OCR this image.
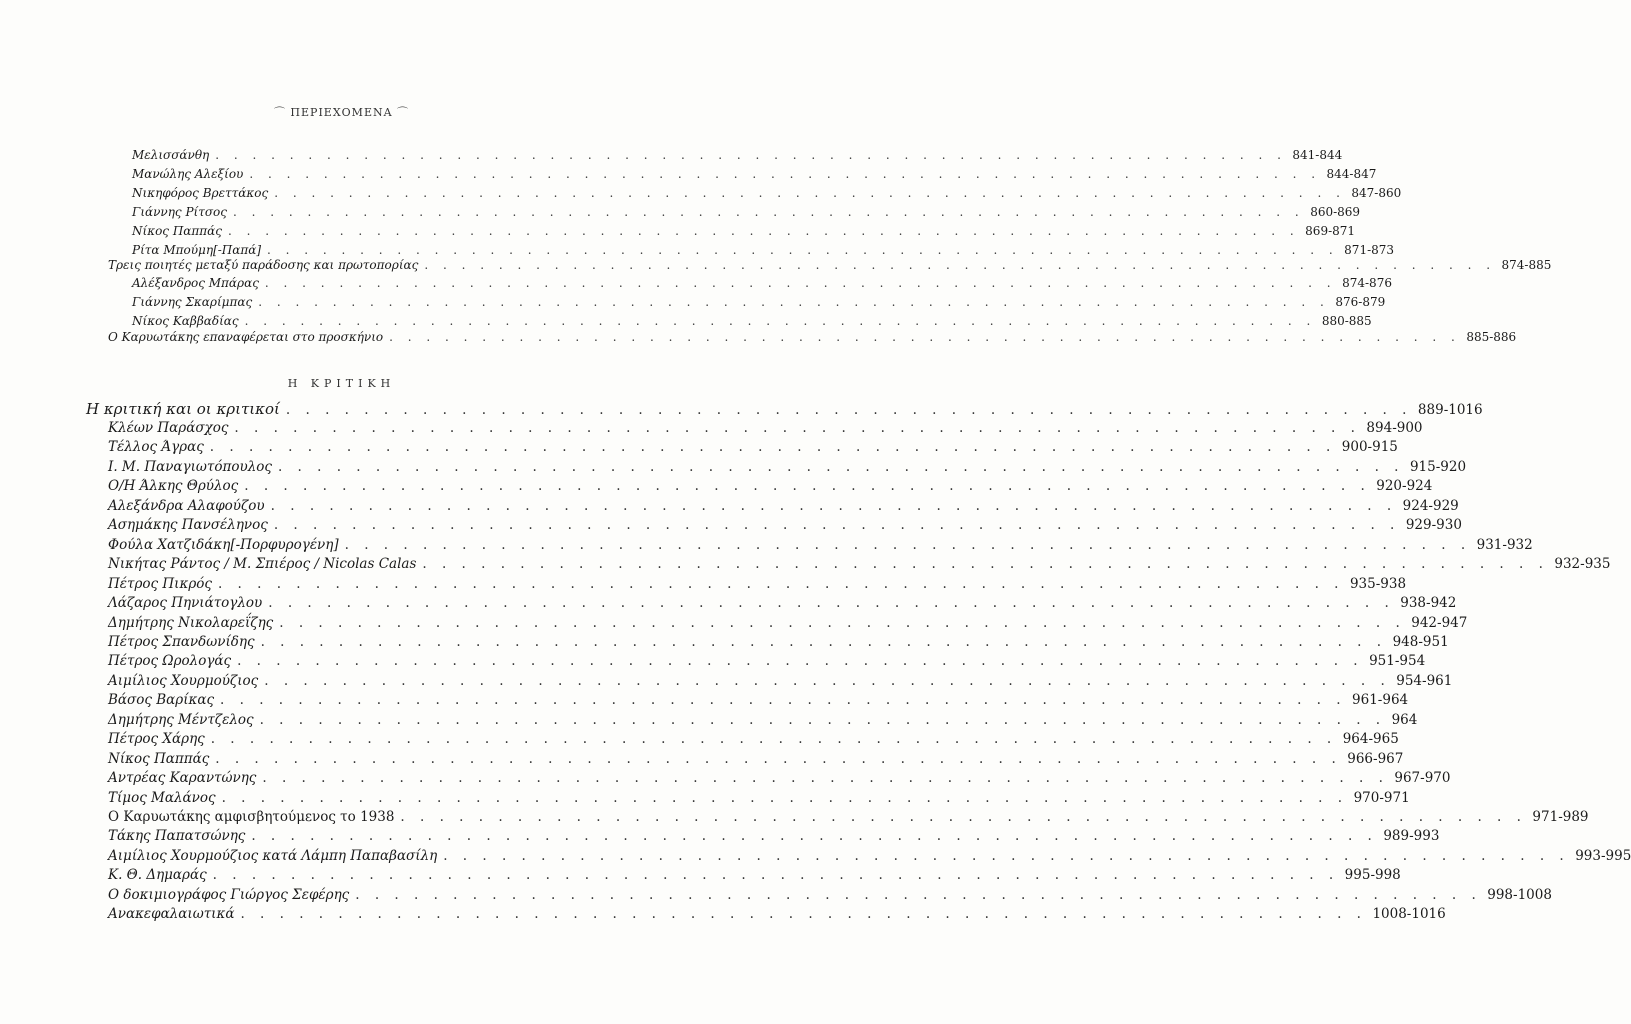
⌒ ΠΕΡΙΕΧΟΜΕΝΑ ⌒
Μελισσάνθη . . . . . . . . . . . . . . . . . . . . . . . . . . . . . . . . . . . . . . . . . . . . . . . . . . . . . . . . . . 841-844
Μανώλης Αλεξίου . . . . . . . . . . . . . . . . . . . . . . . . . . . . . . . . . . . . . . . . . . . . . . . . . . . . . . . . . . 844-847
Νικηφόρος Βρεττάκος . . . . . . . . . . . . . . . . . . . . . . . . . . . . . . . . . . . . . . . . . . . . . . . . . . . . . . . . . . 847-860
Γιάννης Ρίτσος . . . . . . . . . . . . . . . . . . . . . . . . . . . . . . . . . . . . . . . . . . . . . . . . . . . . . . . . . . 860-869
Νίκος Παππάς . . . . . . . . . . . . . . . . . . . . . . . . . . . . . . . . . . . . . . . . . . . . . . . . . . . . . . . . . . 869-871
Ρίτα Μπούμη[-Παπά] . . . . . . . . . . . . . . . . . . . . . . . . . . . . . . . . . . . . . . . . . . . . . . . . . . . . . . . . . . 871-873
Τρεις ποιητές μεταξύ παράδοσης και πρωτοπορίας . . . . . . . . . . . . . . . . . . . . . . . . . . . . . . . . . . . . . . . . . . . . . . . . . . . . . . . . . . 874-885
Αλέξανδρος Μπάρας . . . . . . . . . . . . . . . . . . . . . . . . . . . . . . . . . . . . . . . . . . . . . . . . . . . . . . . . . . 874-876
Γιάννης Σκαρίμπας . . . . . . . . . . . . . . . . . . . . . . . . . . . . . . . . . . . . . . . . . . . . . . . . . . . . . . . . . . 876-879
Νίκος Καββαδίας . . . . . . . . . . . . . . . . . . . . . . . . . . . . . . . . . . . . . . . . . . . . . . . . . . . . . . . . . . 880-885
Ο Καρυωτάκης επαναφέρεται στο προσκήνιο . . . . . . . . . . . . . . . . . . . . . . . . . . . . . . . . . . . . . . . . . . . . . . . . . . . . . . . . . . 885-886
Η κριτική και οι κριτικοί . . . . . . . . . . . . . . . . . . . . . . . . . . . . . . . . . . . . . . . . . . . . . . . . . . . . . . . . . . 889-1016
Κλέων Παράσχος . . . . . . . . . . . . . . . . . . . . . . . . . . . . . . . . . . . . . . . . . . . . . . . . . . . . . . . . . . 894-900
Τέλλος Άγρας . . . . . . . . . . . . . . . . . . . . . . . . . . . . . . . . . . . . . . . . . . . . . . . . . . . . . . . . . . 900-915
Ι. Μ. Παναγιωτόπουλος . . . . . . . . . . . . . . . . . . . . . . . . . . . . . . . . . . . . . . . . . . . . . . . . . . . . . . . . . . 915-920
Ο/Η Άλκης Θρύλος . . . . . . . . . . . . . . . . . . . . . . . . . . . . . . . . . . . . . . . . . . . . . . . . . . . . . . . . . . 920-924
Αλεξάνδρα Αλαφούζου . . . . . . . . . . . . . . . . . . . . . . . . . . . . . . . . . . . . . . . . . . . . . . . . . . . . . . . . . . 924-929
Ασημάκης Πανσέληνος . . . . . . . . . . . . . . . . . . . . . . . . . . . . . . . . . . . . . . . . . . . . . . . . . . . . . . . . . . 929-930
Φούλα Χατζιδάκη[-Πορφυρογένη] . . . . . . . . . . . . . . . . . . . . . . . . . . . . . . . . . . . . . . . . . . . . . . . . . . . . . . . . . . 931-932
Νικήτας Ράντος / Μ. Σπιέρος / Nicolas Calas . . . . . . . . . . . . . . . . . . . . . . . . . . . . . . . . . . . . . . . . . . . . . . . . . . . . . . . . . . 932-935
Πέτρος Πικρός . . . . . . . . . . . . . . . . . . . . . . . . . . . . . . . . . . . . . . . . . . . . . . . . . . . . . . . . . . 935-938
Λάζαρος Πηνιάτογλου . . . . . . . . . . . . . . . . . . . . . . . . . . . . . . . . . . . . . . . . . . . . . . . . . . . . . . . . . . 938-942
Δημήτρης Νικολαρεΐζης . . . . . . . . . . . . . . . . . . . . . . . . . . . . . . . . . . . . . . . . . . . . . . . . . . . . . . . . . . 942-947
Πέτρος Σπανδωνίδης . . . . . . . . . . . . . . . . . . . . . . . . . . . . . . . . . . . . . . . . . . . . . . . . . . . . . . . . . . 948-951
Πέτρος Ωρολογάς . . . . . . . . . . . . . . . . . . . . . . . . . . . . . . . . . . . . . . . . . . . . . . . . . . . . . . . . . . 951-954
Αιμίλιος Χουρμούζιος . . . . . . . . . . . . . . . . . . . . . . . . . . . . . . . . . . . . . . . . . . . . . . . . . . . . . . . . . . 954-961
Βάσος Βαρίκας . . . . . . . . . . . . . . . . . . . . . . . . . . . . . . . . . . . . . . . . . . . . . . . . . . . . . . . . . . 961-964
Δημήτρης Μέντζελος . . . . . . . . . . . . . . . . . . . . . . . . . . . . . . . . . . . . . . . . . . . . . . . . . . . . . . . . . . 964
Πέτρος Χάρης . . . . . . . . . . . . . . . . . . . . . . . . . . . . . . . . . . . . . . . . . . . . . . . . . . . . . . . . . . 964-965
Νίκος Παππάς . . . . . . . . . . . . . . . . . . . . . . . . . . . . . . . . . . . . . . . . . . . . . . . . . . . . . . . . . . 966-967
Αντρέας Καραντώνης . . . . . . . . . . . . . . . . . . . . . . . . . . . . . . . . . . . . . . . . . . . . . . . . . . . . . . . . . . 967-970
Τίμος Μαλάνος . . . . . . . . . . . . . . . . . . . . . . . . . . . . . . . . . . . . . . . . . . . . . . . . . . . . . . . . . . 970-971
Ο Καρυωτάκης αμφισβητούμενος το 1938 . . . . . . . . . . . . . . . . . . . . . . . . . . . . . . . . . . . . . . . . . . . . . . . . . . . . . . . . . . 971-989
Τάκης Παπατσώνης . . . . . . . . . . . . . . . . . . . . . . . . . . . . . . . . . . . . . . . . . . . . . . . . . . . . . . . . . . 989-993
Αιμίλιος Χουρμούζιος κατά Λάμπη Παπαβασίλη . . . . . . . . . . . . . . . . . . . . . . . . . . . . . . . . . . . . . . . . . . . . . . . . . . . . . . . . . . 993-995
Κ. Θ. Δημαράς . . . . . . . . . . . . . . . . . . . . . . . . . . . . . . . . . . . . . . . . . . . . . . . . . . . . . . . . . . 995-998
Ο δοκιμιογράφος Γιώργος Σεφέρης . . . . . . . . . . . . . . . . . . . . . . . . . . . . . . . . . . . . . . . . . . . . . . . . . . . . . . . . . . 998-1008
Ανακεφαλαιωτικά . . . . . . . . . . . . . . . . . . . . . . . . . . . . . . . . . . . . . . . . . . . . . . . . . . . . . . . . . . 1008-1016
Η ΚΡΙΤΙΚΗ
